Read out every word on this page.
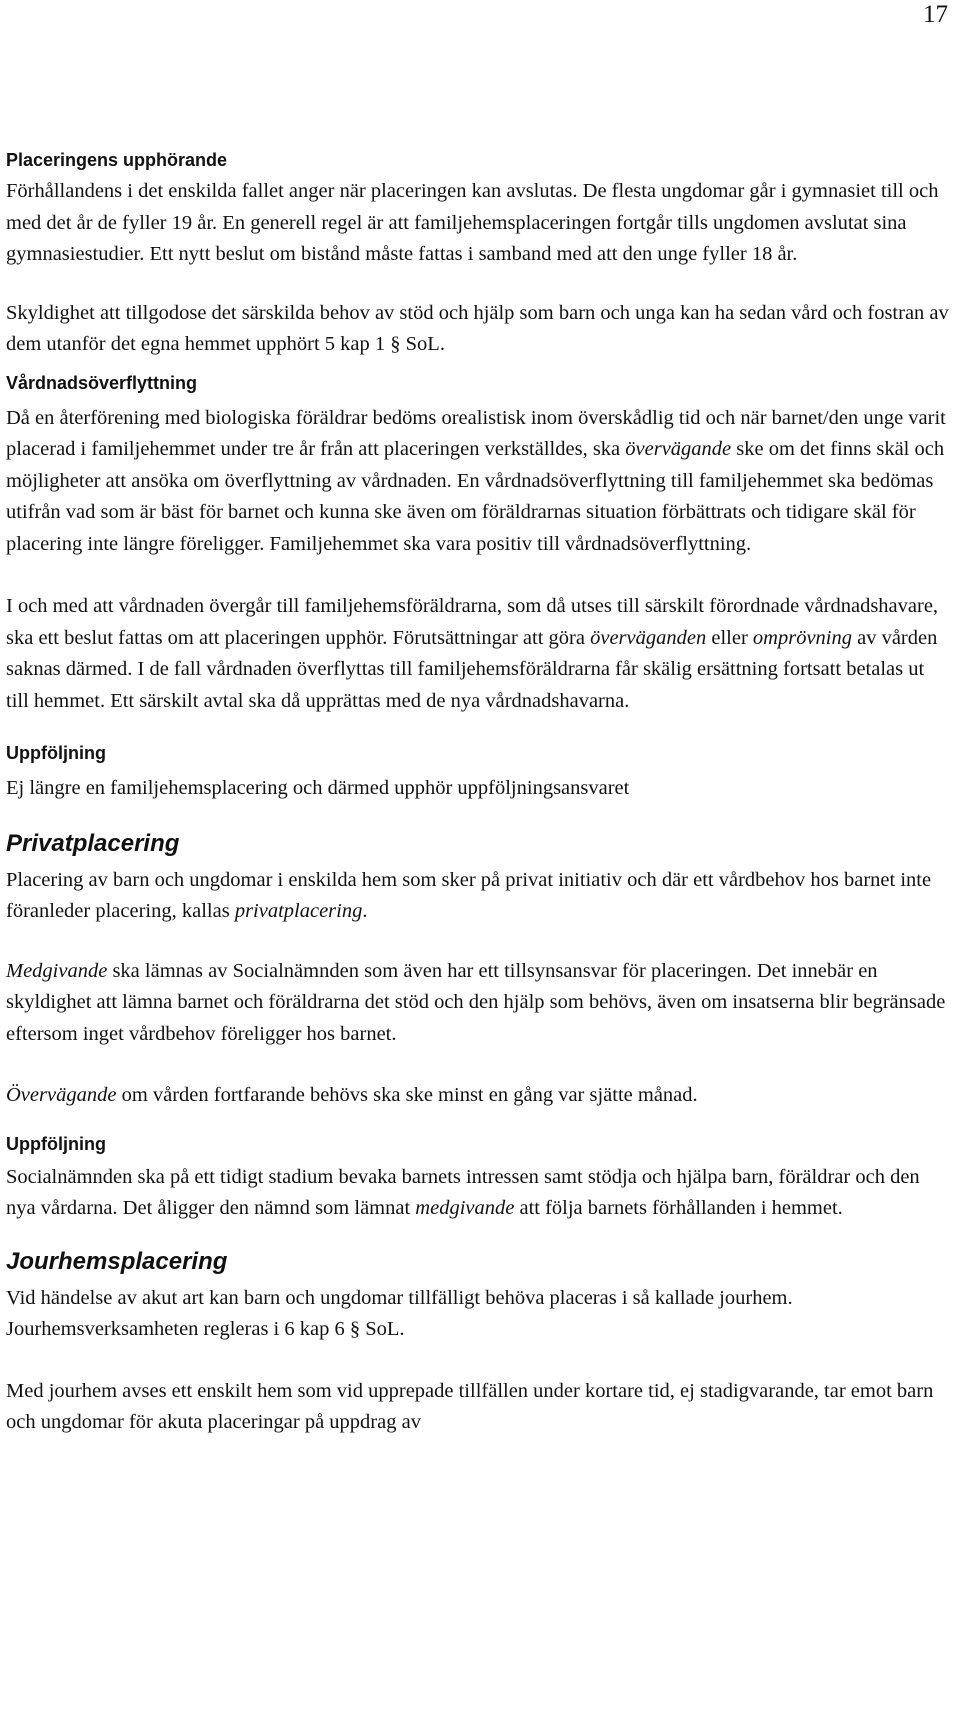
17
Placeringens upphörande

Förhållandens i det enskilda fallet anger när placeringen kan avslutas. De flesta ungdomar går i gymnasiet till och med det år de fyller 19 år. En generell regel är att familjehemsplaceringen fortgår tills ungdomen avslutat sina gymnasiestudier. Ett nytt beslut om bistånd måste fattas i samband med att den unge fyller 18 år.

Skyldighet att tillgodose det särskilda behov av stöd och hjälp som barn och unga kan ha sedan vård och fostran av dem utanför det egna hemmet upphört 5 kap 1 § SoL.

Vårdnadsöverflyttning

Då en återförening med biologiska föräldrar bedöms orealistisk inom överskådlig tid och när barnet/den unge varit placerad i familjehemmet under tre år från att placeringen verkställdes, ska övervägande ske om det finns skäl och möjligheter att ansöka om överflyttning av vårdnaden. En vårdnadsöverflyttning till familjehemmet ska bedömas utifrån vad som är bäst för barnet och kunna ske även om föräldrarnas situation förbättrats och tidigare skäl för placering inte längre föreligger. Familjehemmet ska vara positiv till vårdnadsöverflyttning.

I och med att vårdnaden övergår till familjehemsföräldrarna, som då utses till särskilt förordnade vårdnadshavare, ska ett beslut fattas om att placeringen upphör. Förutsättningar att göra överväganden eller omprövning av vården saknas därmed. I de fall vårdnaden överflyttas till familjehemsföräldrarna får skälig ersättning fortsatt betalas ut till hemmet. Ett särskilt avtal ska då upprättas med de nya vårdnadshavarna.

Uppföljning

Ej längre en familjehemsplacering och därmed upphör uppföljningsansvaret

Privatplacering

Placering av barn och ungdomar i enskilda hem som sker på privat initiativ och där ett vårdbehov hos barnet inte föranleder placering, kallas privatplacering.

Medgivande ska lämnas av Socialnämnden som även har ett tillsynsansvar för placeringen. Det innebär en skyldighet att lämna barnet och föräldrarna det stöd och den hjälp som behövs, även om insatserna blir begränsade eftersom inget vårdbehov föreligger hos barnet.

Övervägande om vården fortfarande behövs ska ske minst en gång var sjätte månad.

Uppföljning

Socialnämnden ska på ett tidigt stadium bevaka barnets intressen samt stödja och hjälpa barn, föräldrar och den nya vårdarna. Det åligger den nämnd som lämnat medgivande att följa barnets förhållanden i hemmet.

Jourhemsplacering

Vid händelse av akut art kan barn och ungdomar tillfälligt behöva placeras i så kallade jourhem. Jourhemsverksamheten regleras i 6 kap 6 § SoL.

Med jourhem avses ett enskilt hem som vid upprepade tillfällen under kortare tid, ej stadigvarande, tar emot barn och ungdomar för akuta placeringar på uppdrag av
